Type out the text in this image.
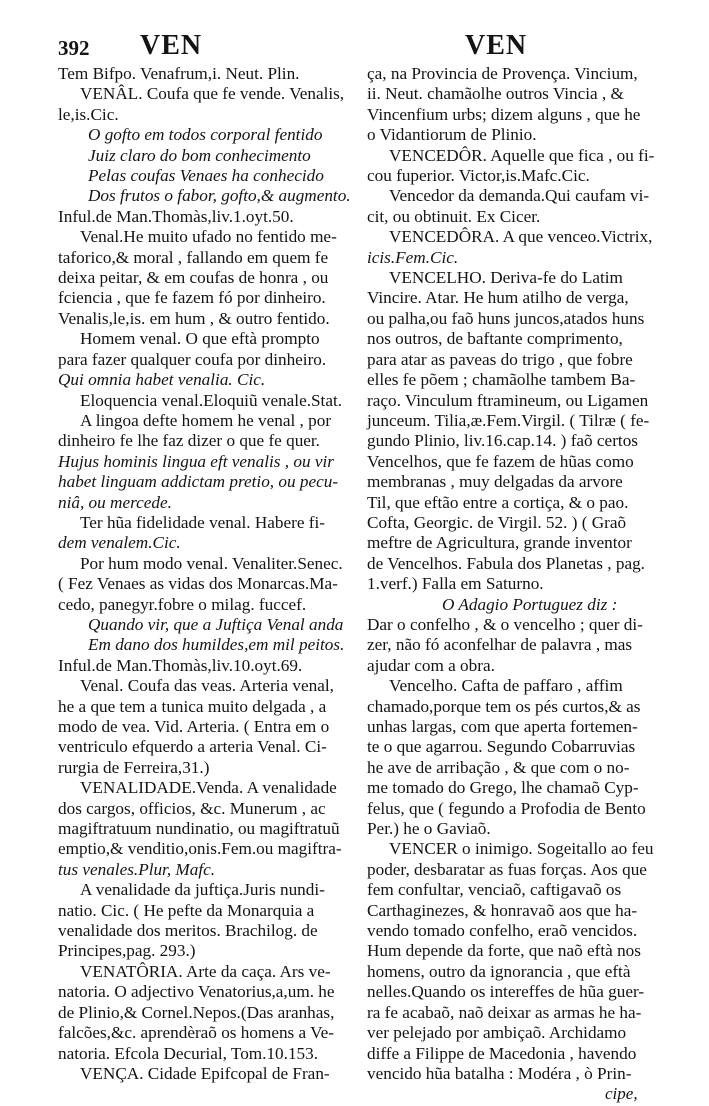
392 VEN	VEN
Tem Bifpo. Venafrum,i. Neut. Plin.
VENÂL. Coufa que fe vende. Venalis,
le,is.Cic.
O gofto em todos corporal fentido
Juiz claro do bom conhecimento
Pelas coufas Venaes ha conhecido
Dos frutos o fabor, gofto,& augmento.
Inful.de Man.Thomàs,liv.1.oyt.50.
Venal.He muito ufado no fentido me-
taforico,& moral , fallando em quem fe
deixa peitar, & em coufas de honra , ou
fciencia , que fe fazem fó por dinheiro.
Venalis,le,is. em hum , & outro fentido.
Homem venal. O que eftà prompto
para fazer qualquer coufa por dinheiro.
Qui omnia habet venalia. Cic.
Eloquencia venal.Eloquiũ venale.Stat.
A lingoa defte homem he venal , por
dinheiro fe lhe faz dizer o que fe quer.
Hujus hominis lingua eft venalis , ou vir
habet linguam addictam pretio, ou pecu-
niâ, ou mercede.
Ter hũa fidelidade venal. Habere fi-
dem venalem.Cic.
Por hum modo venal. Venaliter.Senec.
( Fez Venaes as vidas dos Monarcas.Ma-
cedo, panegyr.fobre o milag. fuccef.
Quando vir, que a Juftiça Venal anda
Em dano dos humildes,em mil peitos.
Inful.de Man.Thomàs,liv.10.oyt.69.
Venal. Coufa das veas. Arteria venal,
he a que tem a tunica muito delgada , a
modo de vea. Vid. Arteria. ( Entra em o
ventriculo efquerdo a arteria Venal. Ci-
rurgia de Ferreira,31.)
VENALIDADE.Venda. A venalidade
dos cargos, officios, &c. Munerum , ac
magiftratuum nundinatio, ou magiftratuũ
emptio,& venditio,onis.Fem.ou magiftra-
tus venales.Plur, Mafc.
A venalidade da juftiça.Juris nundi-
natio. Cic. ( He pefte da Monarquia a
venalidade dos meritos. Brachilog. de
Principes,pag. 293.)
VENATÔRIA. Arte da caça. Ars ve-
natoria. O adjectivo Venatorius,a,um. he
de Plinio,& Cornel.Nepos.(Das aranhas,
falcões,&c. aprendèraõ os homens a Ve-
natoria. Efcola Decurial, Tom.10.153.
VENÇA. Cidade Epifcopal de Fran-
ça, na Provincia de Provença. Vincium,
ii. Neut. chamãolhe outros Vincia , &
Vincenfium urbs; dizem alguns , que he
o Vidantiorum de Plinio.
VENCEDÔR. Aquelle que fica , ou fi-
cou fuperior. Victor,is.Mafc.Cic.
Vencedor da demanda.Qui caufam vi-
cit, ou obtinuit. Ex Cicer.
VENCEDÔRA. A que venceo.Victrix,
icis.Fem.Cic.
VENCELHO. Deriva-fe do Latim
Vincire. Atar. He hum atilho de verga,
ou palha,ou faõ huns juncos,atados huns
nos outros, de baftante comprimento,
para atar as paveas do trigo , que fobre
elles fe põem ; chamãolhe tambem Ba-
raço. Vinculum ftramineum, ou Ligamen
junceum. Tilia,æ.Fem.Virgil. ( Tilræ ( fe-
gundo Plinio, liv.16.cap.14. ) faõ certos
Vencelhos, que fe fazem de hũas como
membranas , muy delgadas da arvore
Til, que eftão entre a cortiça, & o pao.
Cofta, Georgic. de Virgil. 52. ) ( Graõ
meftre de Agricultura, grande inventor
de Vencelhos. Fabula dos Planetas , pag.
1.verf.) Falla em Saturno.
O Adagio Portuguez diz :
Dar o confelho , & o vencelho ; quer di-
zer, não fó aconfelhar de palavra , mas
ajudar com a obra.
Vencelho. Cafta de paffaro , affim
chamado,porque tem os pés curtos,& as
unhas largas, com que aperta fortemen-
te o que agarrou. Segundo Cobarruvias
he ave de arribação , & que com o no-
me tomado do Grego, lhe chamaõ Cyp-
felus, que ( fegundo a Profodia de Bento
Per.) he o Gaviaõ.
VENCER o inimigo. Sogeitallo ao feu
poder, desbaratar as fuas forças. Aos que
fem confultar, venciaõ, caftigavaõ os
Carthaginezes, & honravaõ aos que ha-
vendo tomado confelho, eraõ vencidos.
Hum depende da forte, que naõ eftà nos
homens, outro da ignorancia , que eftà
nelles.Quando os intereffes de hũa guer-
ra fe acabaõ, naõ deixar as armas he ha-
ver pelejado por ambiçaõ. Archidamo
diffe a Filippe de Macedonia , havendo
vencido hũa batalha : Modéra , ò Prin-
cipe,
